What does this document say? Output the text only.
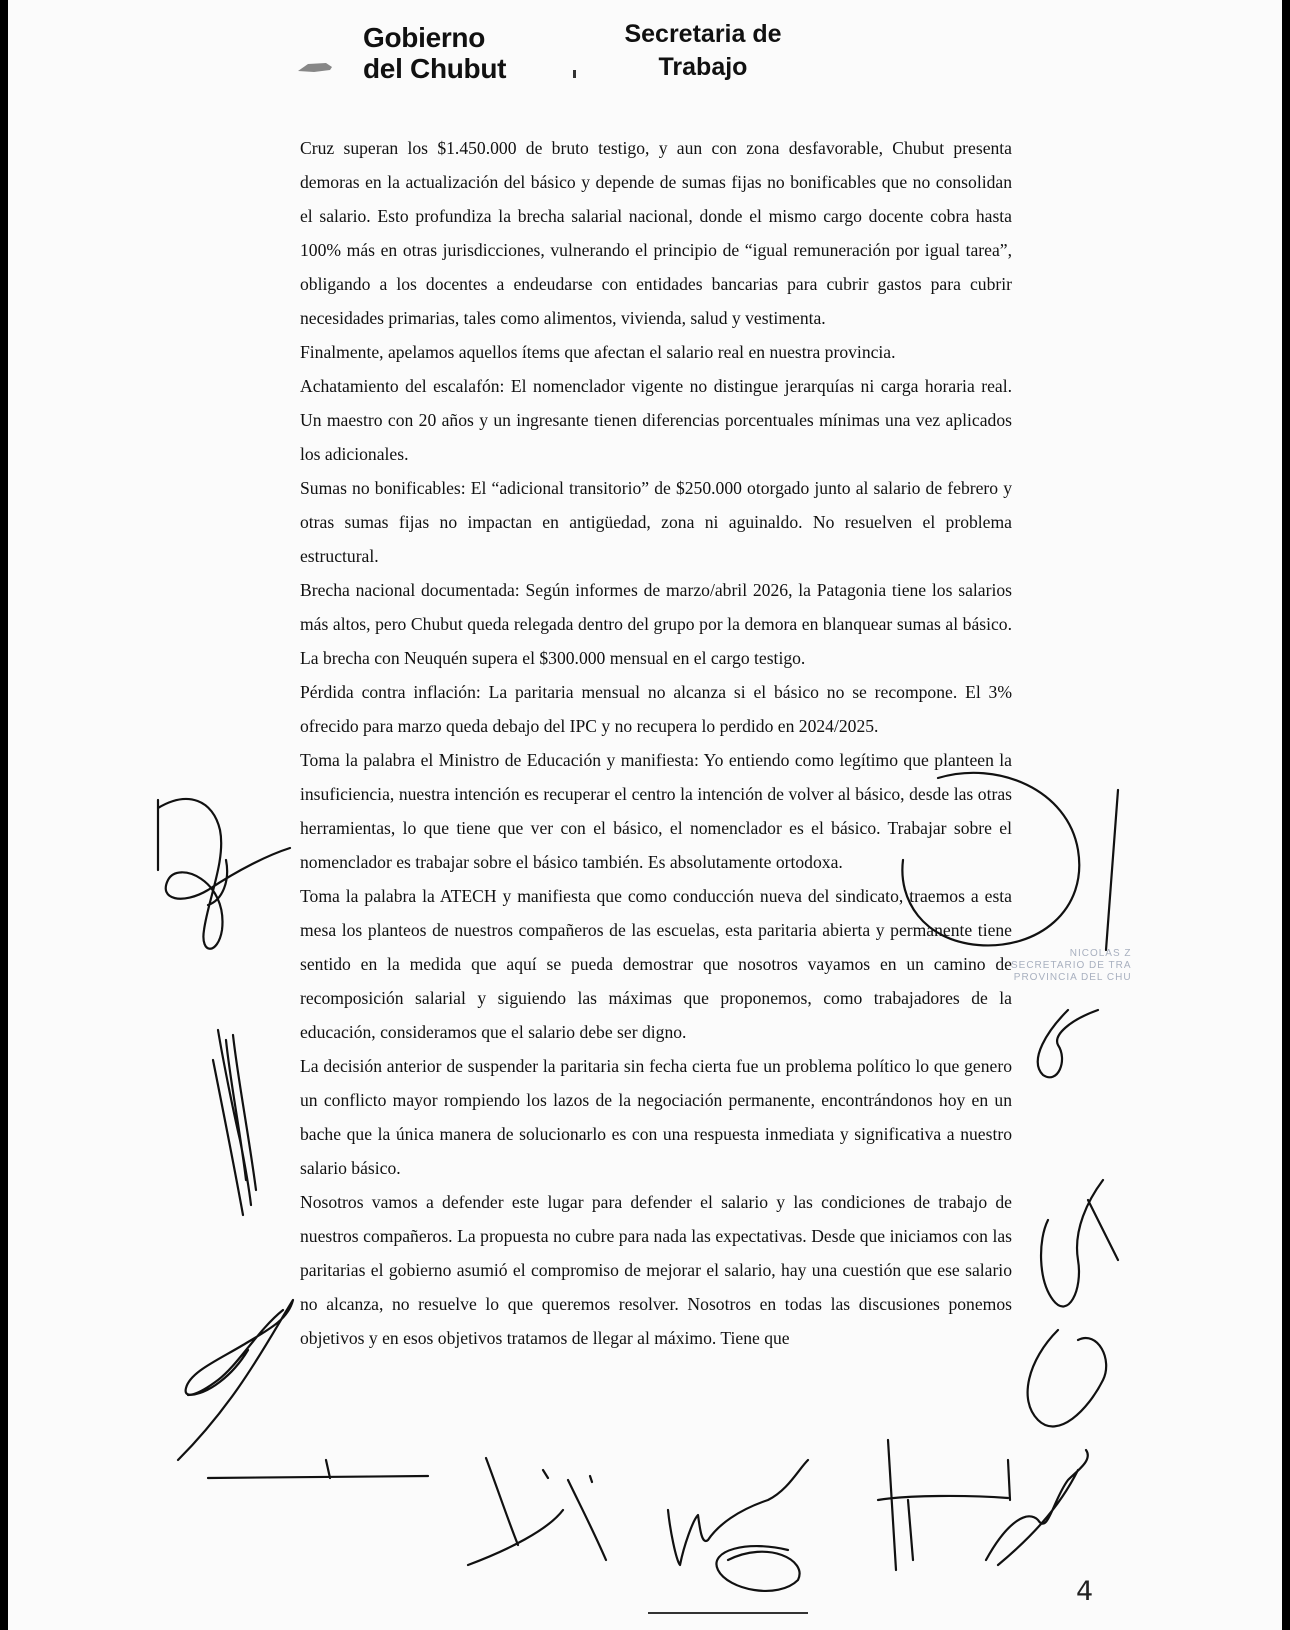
Gobierno
del Chubut
Secretaria de
Trabajo

Cruz superan los $1.450.000 de bruto testigo, y aun con zona desfavorable, Chubut presenta demoras en la actualización del básico y depende de sumas fijas no bonificables que no consolidan el salario. Esto profundiza la brecha salarial nacional, donde el mismo cargo docente cobra hasta 100% más en otras jurisdicciones, vulnerando el principio de “igual remuneración por igual tarea”, obligando a los docentes a endeudarse con entidades bancarias para cubrir gastos para cubrir necesidades primarias, tales como alimentos, vivienda, salud y vestimenta.

Finalmente, apelamos aquellos ítems que afectan el salario real en nuestra provincia.

Achatamiento del escalafón: El nomenclador vigente no distingue jerarquías ni carga horaria real. Un maestro con 20 años y un ingresante tienen diferencias porcentuales mínimas una vez aplicados los adicionales.

Sumas no bonificables: El “adicional transitorio” de $250.000 otorgado junto al salario de febrero y otras sumas fijas no impactan en antigüedad, zona ni aguinaldo. No resuelven el problema estructural.

Brecha nacional documentada: Según informes de marzo/abril 2026, la Patagonia tiene los salarios más altos, pero Chubut queda relegada dentro del grupo por la demora en blanquear sumas al básico. La brecha con Neuquén supera el $300.000 mensual en el cargo testigo.

Pérdida contra inflación: La paritaria mensual no alcanza si el básico no se recompone. El 3% ofrecido para marzo queda debajo del IPC y no recupera lo perdido en 2024/2025.

Toma la palabra el Ministro de Educación y manifiesta: Yo entiendo como legítimo que planteen la insuficiencia, nuestra intención es recuperar el centro la intención de volver al básico, desde las otras herramientas, lo que tiene que ver con el básico, el nomenclador es el básico. Trabajar sobre el nomenclador es trabajar sobre el básico también. Es absolutamente ortodoxa.

Toma la palabra la ATECH y manifiesta que como conducción nueva del sindicato, traemos a esta mesa los planteos de nuestros compañeros de las escuelas, esta paritaria abierta y permanente tiene sentido en la medida que aquí se pueda demostrar que nosotros vayamos en un camino de recomposición salarial y siguiendo las máximas que proponemos, como trabajadores de la educación, consideramos que el salario debe ser digno.

La decisión anterior de suspender la paritaria sin fecha cierta fue un problema político lo que genero un conflicto mayor rompiendo los lazos de la negociación permanente, encontrándonos hoy en un bache que la única manera de solucionarlo es con una respuesta inmediata y significativa a nuestro salario básico.

Nosotros vamos a defender este lugar para defender el salario y las condiciones de trabajo de nuestros compañeros. La propuesta no cubre para nada las expectativas. Desde que iniciamos con las paritarias el gobierno asumió el compromiso de mejorar el salario, hay una cuestión que ese salario no alcanza, no resuelve lo que queremos resolver. Nosotros en todas las discusiones ponemos objetivos y en esos objetivos tratamos de llegar al máximo. Tiene que

NICOLAS Z
SECRETARIO DE TRA
PROVINCIA DEL CHU
4
